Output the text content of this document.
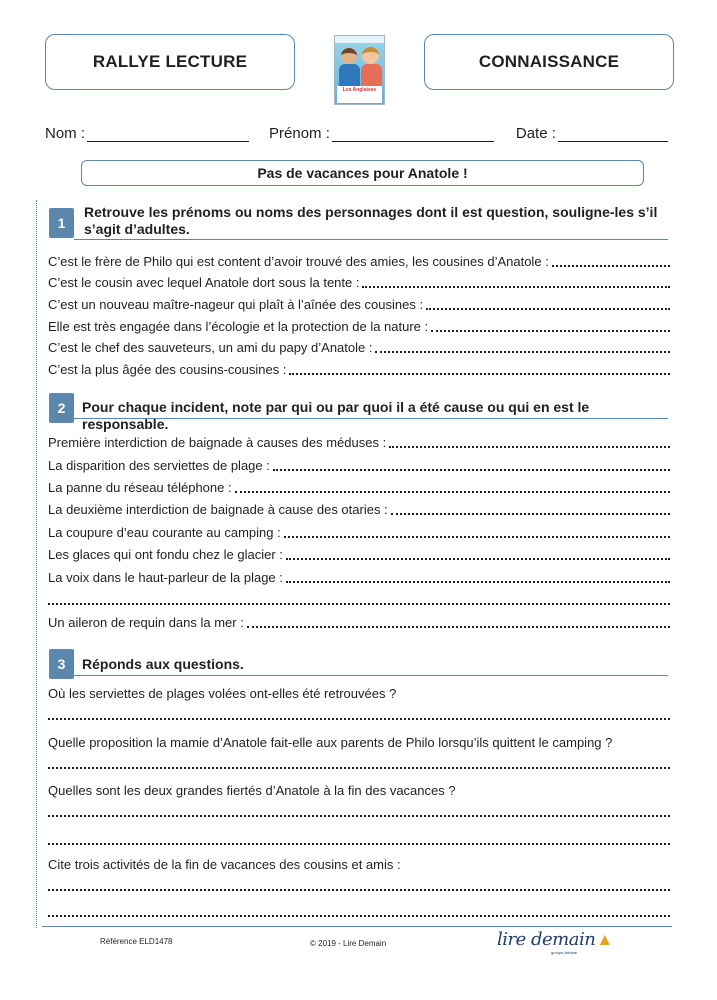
RALLYE LECTURE
Les Anglaises
CONNAISSANCE
Nom :	Prénom :	Date :
Pas de vacances pour Anatole !
1
Retrouve les prénoms ou noms des personnages dont il est question, souligne-les s’il s’agit d’adultes.
C’est le frère de Philo qui est content d’avoir trouvé des amies, les cousines d’Anatole :
C’est le cousin avec lequel Anatole dort sous la tente :
C’est un nouveau maître-nageur qui plaît à l’aînée des cousines :
Elle est très engagée dans l’écologie et la protection de la nature :
C’est le chef des sauveteurs, un ami du papy d’Anatole :
C’est la plus âgée des cousins-cousines :
2	Pour chaque incident, note par qui ou par quoi il a été cause ou qui en est le responsable.
Première interdiction de baignade à causes des méduses :
La disparition des serviettes de plage :
La panne du réseau téléphone :
La deuxième interdiction de baignade à cause des otaries :
La coupure d’eau courante au camping :
Les glaces qui ont fondu chez le glacier :
La voix dans le haut-parleur de la plage :
Un aileron de requin dans la mer :
3	Réponds aux questions.
Où les serviettes de plages volées ont-elles été retrouvées ?
Quelle proposition la mamie d’Anatole fait-elle aux parents de Philo lorsqu’ils quittent le camping ?
Quelles sont les deux grandes fiertés d’Anatole à la fin des vacances ?
Cite trois activités de la fin de vacances des cousins et amis :
Référence ELD1478	© 2019 - Lire Demain	lire demain ▲
groupe Arkane
